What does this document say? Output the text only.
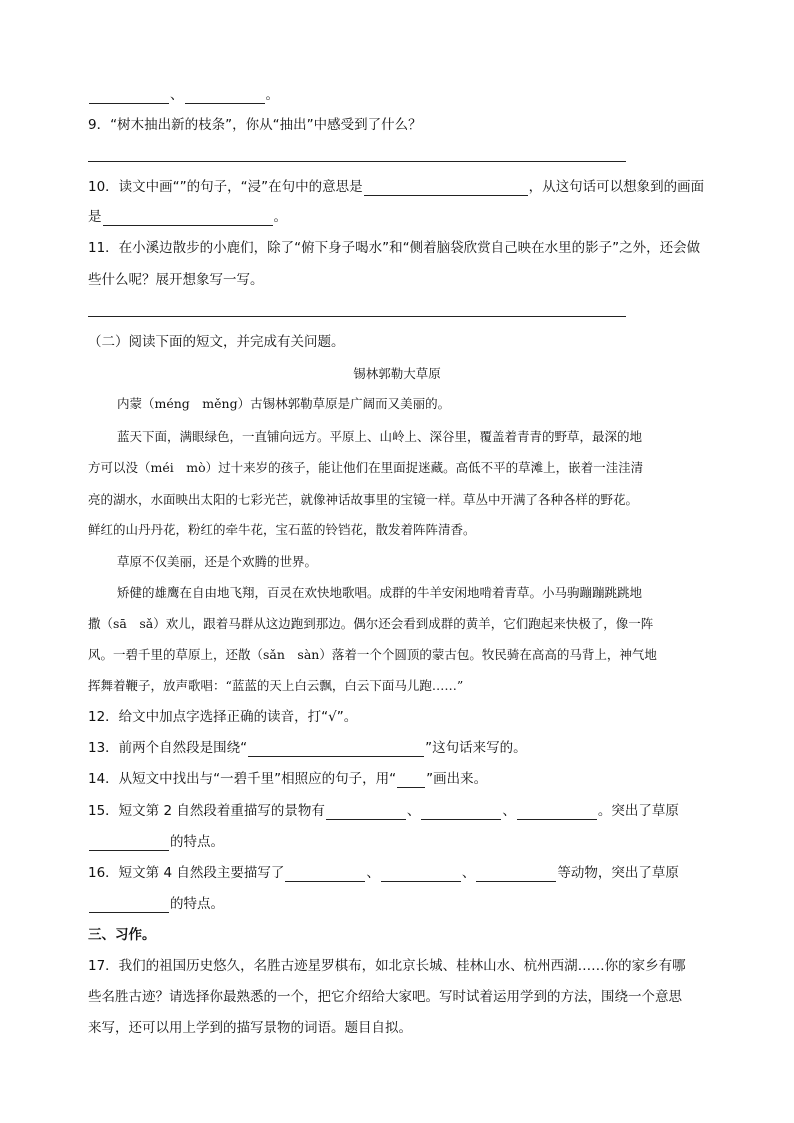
、	。
9．“树木抽出新的枝条”，你从“抽出”中感受到了什么？
10．读文中画“”的句子，“浸”在句中的意思是	，从这句话可以想象到的画面
是	。
11．在小溪边散步的小鹿们，除了“俯下身子喝水”和“侧着脑袋欣赏自己映在水里的影子”之外，还会做
些什么呢？展开想象写一写。
（二）阅读下面的短文，并完成有关问题。
锡林郭勒大草原
内蒙（méng　měng）古锡林郭勒草原是广阔而又美丽的。
蓝天下面，满眼绿色，一直铺向远方。平原上、山岭上、深谷里，覆盖着青青的野草，最深的地
方可以没（méi　mò）过十来岁的孩子，能让他们在里面捉迷藏。高低不平的草滩上，嵌着一洼洼清
亮的湖水，水面映出太阳的七彩光芒，就像神话故事里的宝镜一样。草丛中开满了各种各样的野花。
鲜红的山丹丹花，粉红的牵牛花，宝石蓝的铃铛花，散发着阵阵清香。
草原不仅美丽，还是个欢腾的世界。
矫健的雄鹰在自由地飞翔，百灵在欢快地歌唱。成群的牛羊安闲地啃着青草。小马驹蹦蹦跳跳地
撒（sā　sǎ）欢儿，跟着马群从这边跑到那边。偶尔还会看到成群的黄羊，它们跑起来快极了，像一阵
风。一碧千里的草原上，还散（sǎn　sàn）落着一个个圆顶的蒙古包。牧民骑在高高的马背上，神气地
挥舞着鞭子，放声歌唱：“蓝蓝的天上白云飘，白云下面马儿跑……”
12．给文中加点字选择正确的读音，打“√”。
13．前两个自然段是围绕“	”这句话来写的。
14．从短文中找出与“一碧千里”相照应的句子，用“ ”画出来。
15．短文第 2 自然段着重描写的景物有	、	、	。突出了草原
的特点。
16．短文第 4 自然段主要描写了	、	、	等动物，突出了草原
的特点。
三、习作。
17．我们的祖国历史悠久，名胜古迹星罗棋布，如北京长城、桂林山水、杭州西湖……你的家乡有哪
些名胜古迹？请选择你最熟悉的一个，把它介绍给大家吧。写时试着运用学到的方法，围绕一个意思
来写，还可以用上学到的描写景物的词语。题目自拟。
